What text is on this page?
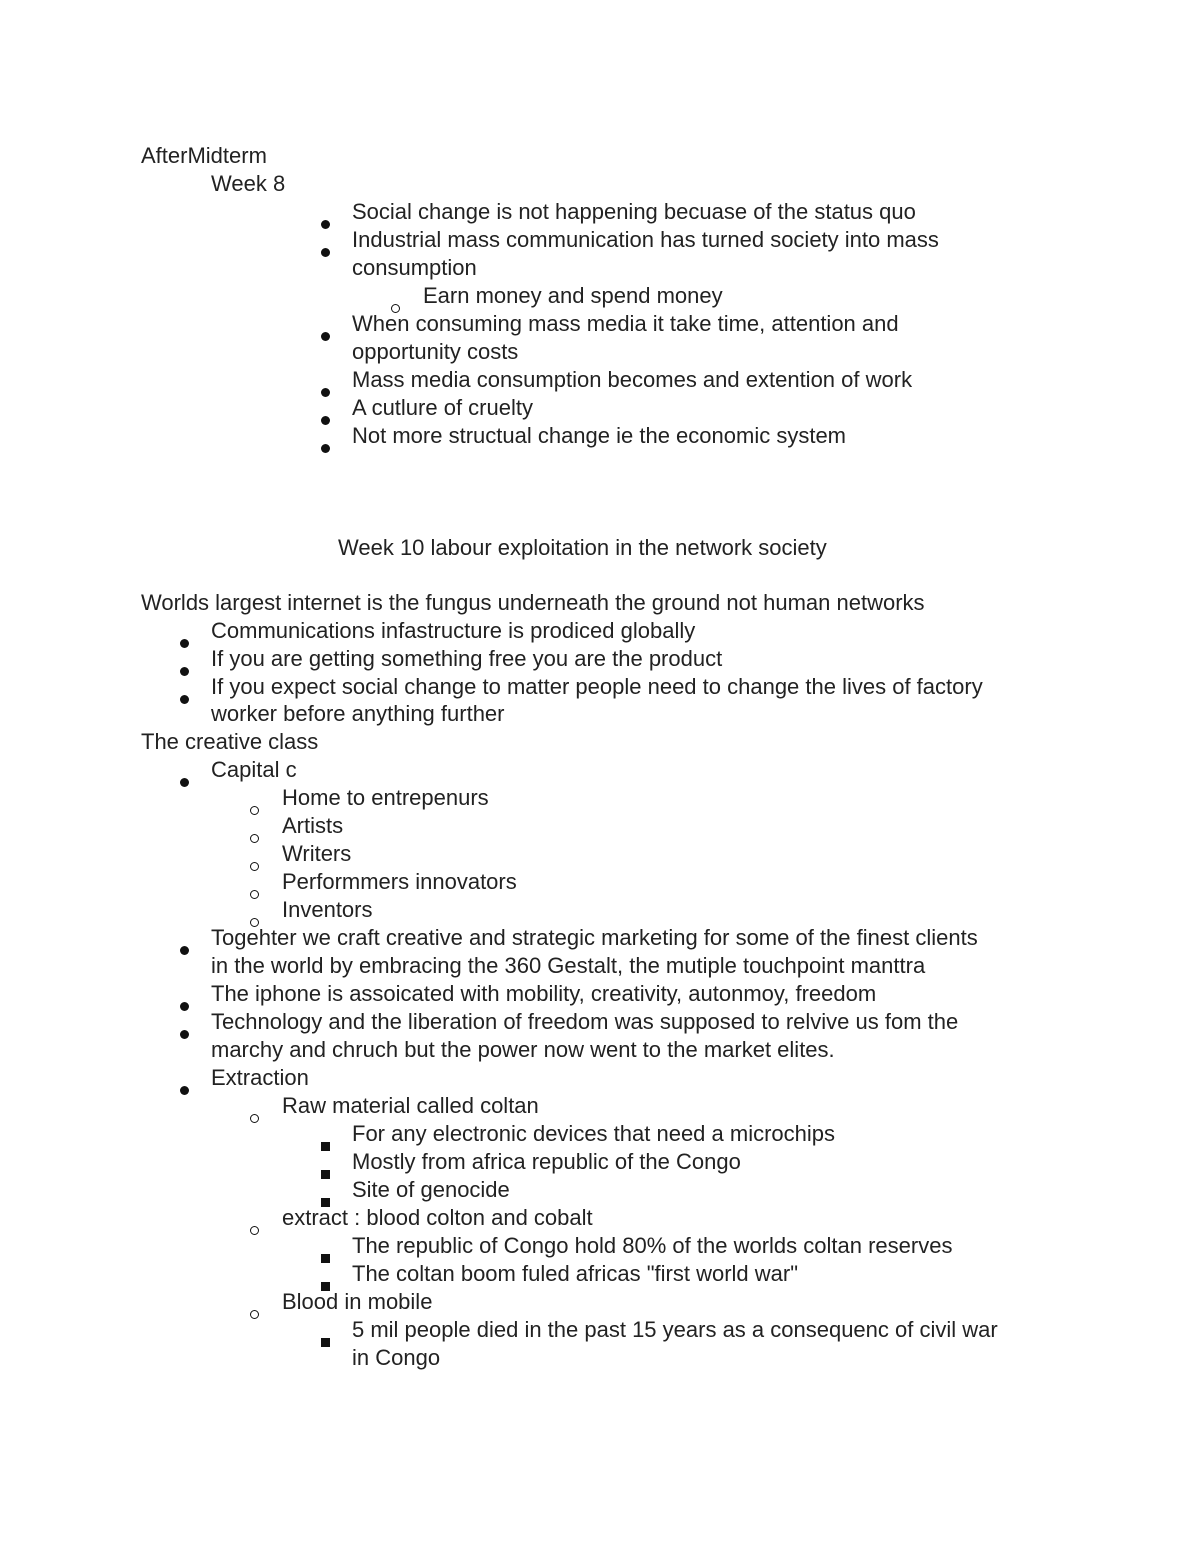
AfterMidterm
Week 8
Social change is not happening becuase of the status quo
Industrial mass communication has turned society into mass
consumption
Earn money and spend money
When consuming mass media it take time, attention and
opportunity costs
Mass media consumption becomes and extention of work
A cutlure of cruelty
Not more structual change ie the economic system
Week 10 labour exploitation in the network society
Worlds largest internet is the fungus underneath the ground not human networks
Communications infastructure is prodiced globally
If you are getting something free you are the product
If you expect social change to matter people need to change the lives of factory
worker before anything further
The creative class
Capital c
Home to entrepenurs
Artists
Writers
Performmers innovators
Inventors
Togehter we craft creative and strategic marketing for some of the finest clients
in the world by embracing the 360 Gestalt, the mutiple touchpoint manttra
The iphone is assoicated with mobility, creativity, autonmoy, freedom
Technology and the liberation of freedom was supposed to relvive us fom the
marchy and chruch but the power now went to the market elites.
Extraction
Raw material called coltan
For any electronic devices that need a microchips
Mostly from africa republic of the Congo
Site of genocide
extract : blood colton and cobalt
The republic of Congo hold 80% of the worlds coltan reserves
The coltan boom fuled africas "first world war"
Blood in mobile
5 mil people died in the past 15 years as a consequenc of civil war
in Congo
